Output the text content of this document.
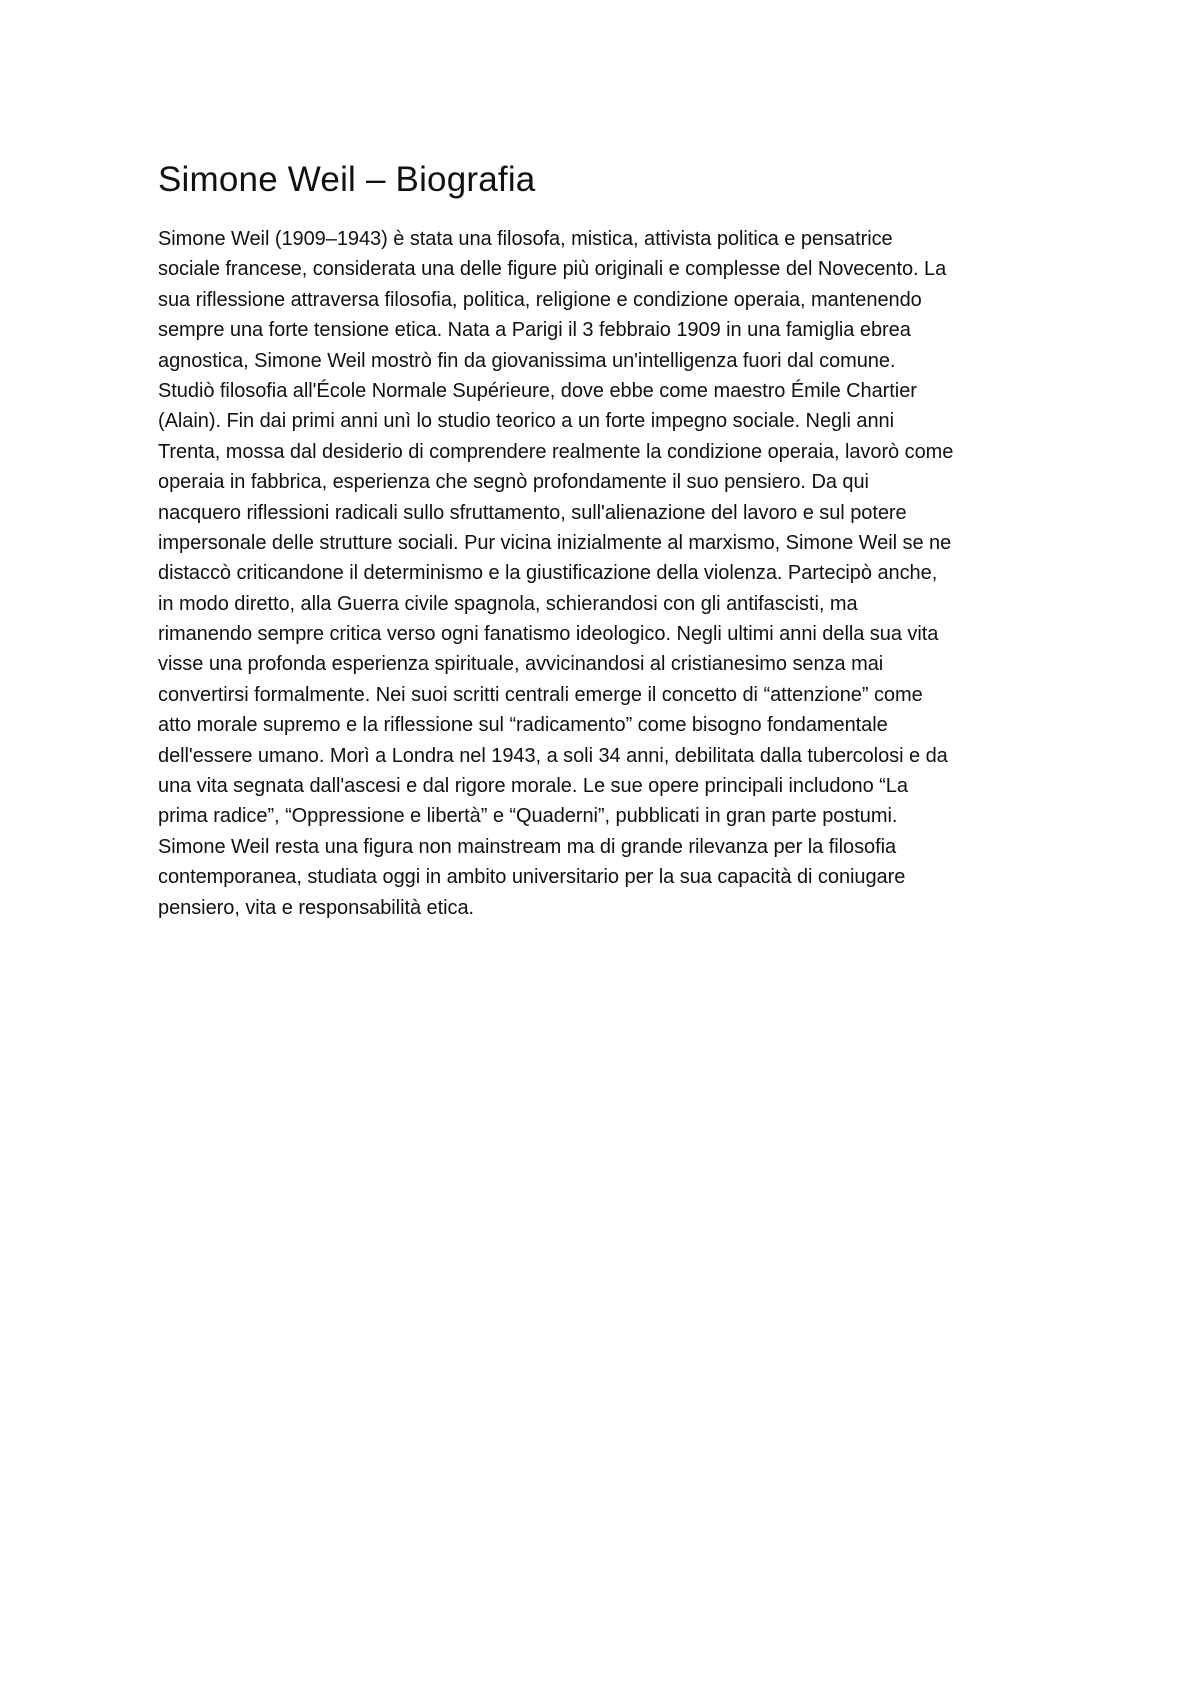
Simone Weil – Biografia
Simone Weil (1909–1943) è stata una filosofa, mistica, attivista politica e pensatrice
sociale francese, considerata una delle figure più originali e complesse del Novecento. La
sua riflessione attraversa filosofia, politica, religione e condizione operaia, mantenendo
sempre una forte tensione etica. Nata a Parigi il 3 febbraio 1909 in una famiglia ebrea
agnostica, Simone Weil mostrò fin da giovanissima un'intelligenza fuori dal comune.
Studiò filosofia all'École Normale Supérieure, dove ebbe come maestro Émile Chartier
(Alain). Fin dai primi anni unì lo studio teorico a un forte impegno sociale. Negli anni
Trenta, mossa dal desiderio di comprendere realmente la condizione operaia, lavorò come
operaia in fabbrica, esperienza che segnò profondamente il suo pensiero. Da qui
nacquero riflessioni radicali sullo sfruttamento, sull'alienazione del lavoro e sul potere
impersonale delle strutture sociali. Pur vicina inizialmente al marxismo, Simone Weil se ne
distaccò criticandone il determinismo e la giustificazione della violenza. Partecipò anche,
in modo diretto, alla Guerra civile spagnola, schierandosi con gli antifascisti, ma
rimanendo sempre critica verso ogni fanatismo ideologico. Negli ultimi anni della sua vita
visse una profonda esperienza spirituale, avvicinandosi al cristianesimo senza mai
convertirsi formalmente. Nei suoi scritti centrali emerge il concetto di “attenzione” come
atto morale supremo e la riflessione sul “radicamento” come bisogno fondamentale
dell'essere umano. Morì a Londra nel 1943, a soli 34 anni, debilitata dalla tubercolosi e da
una vita segnata dall'ascesi e dal rigore morale. Le sue opere principali includono “La
prima radice”, “Oppressione e libertà” e “Quaderni”, pubblicati in gran parte postumi.
Simone Weil resta una figura non mainstream ma di grande rilevanza per la filosofia
contemporanea, studiata oggi in ambito universitario per la sua capacità di coniugare
pensiero, vita e responsabilità etica.
